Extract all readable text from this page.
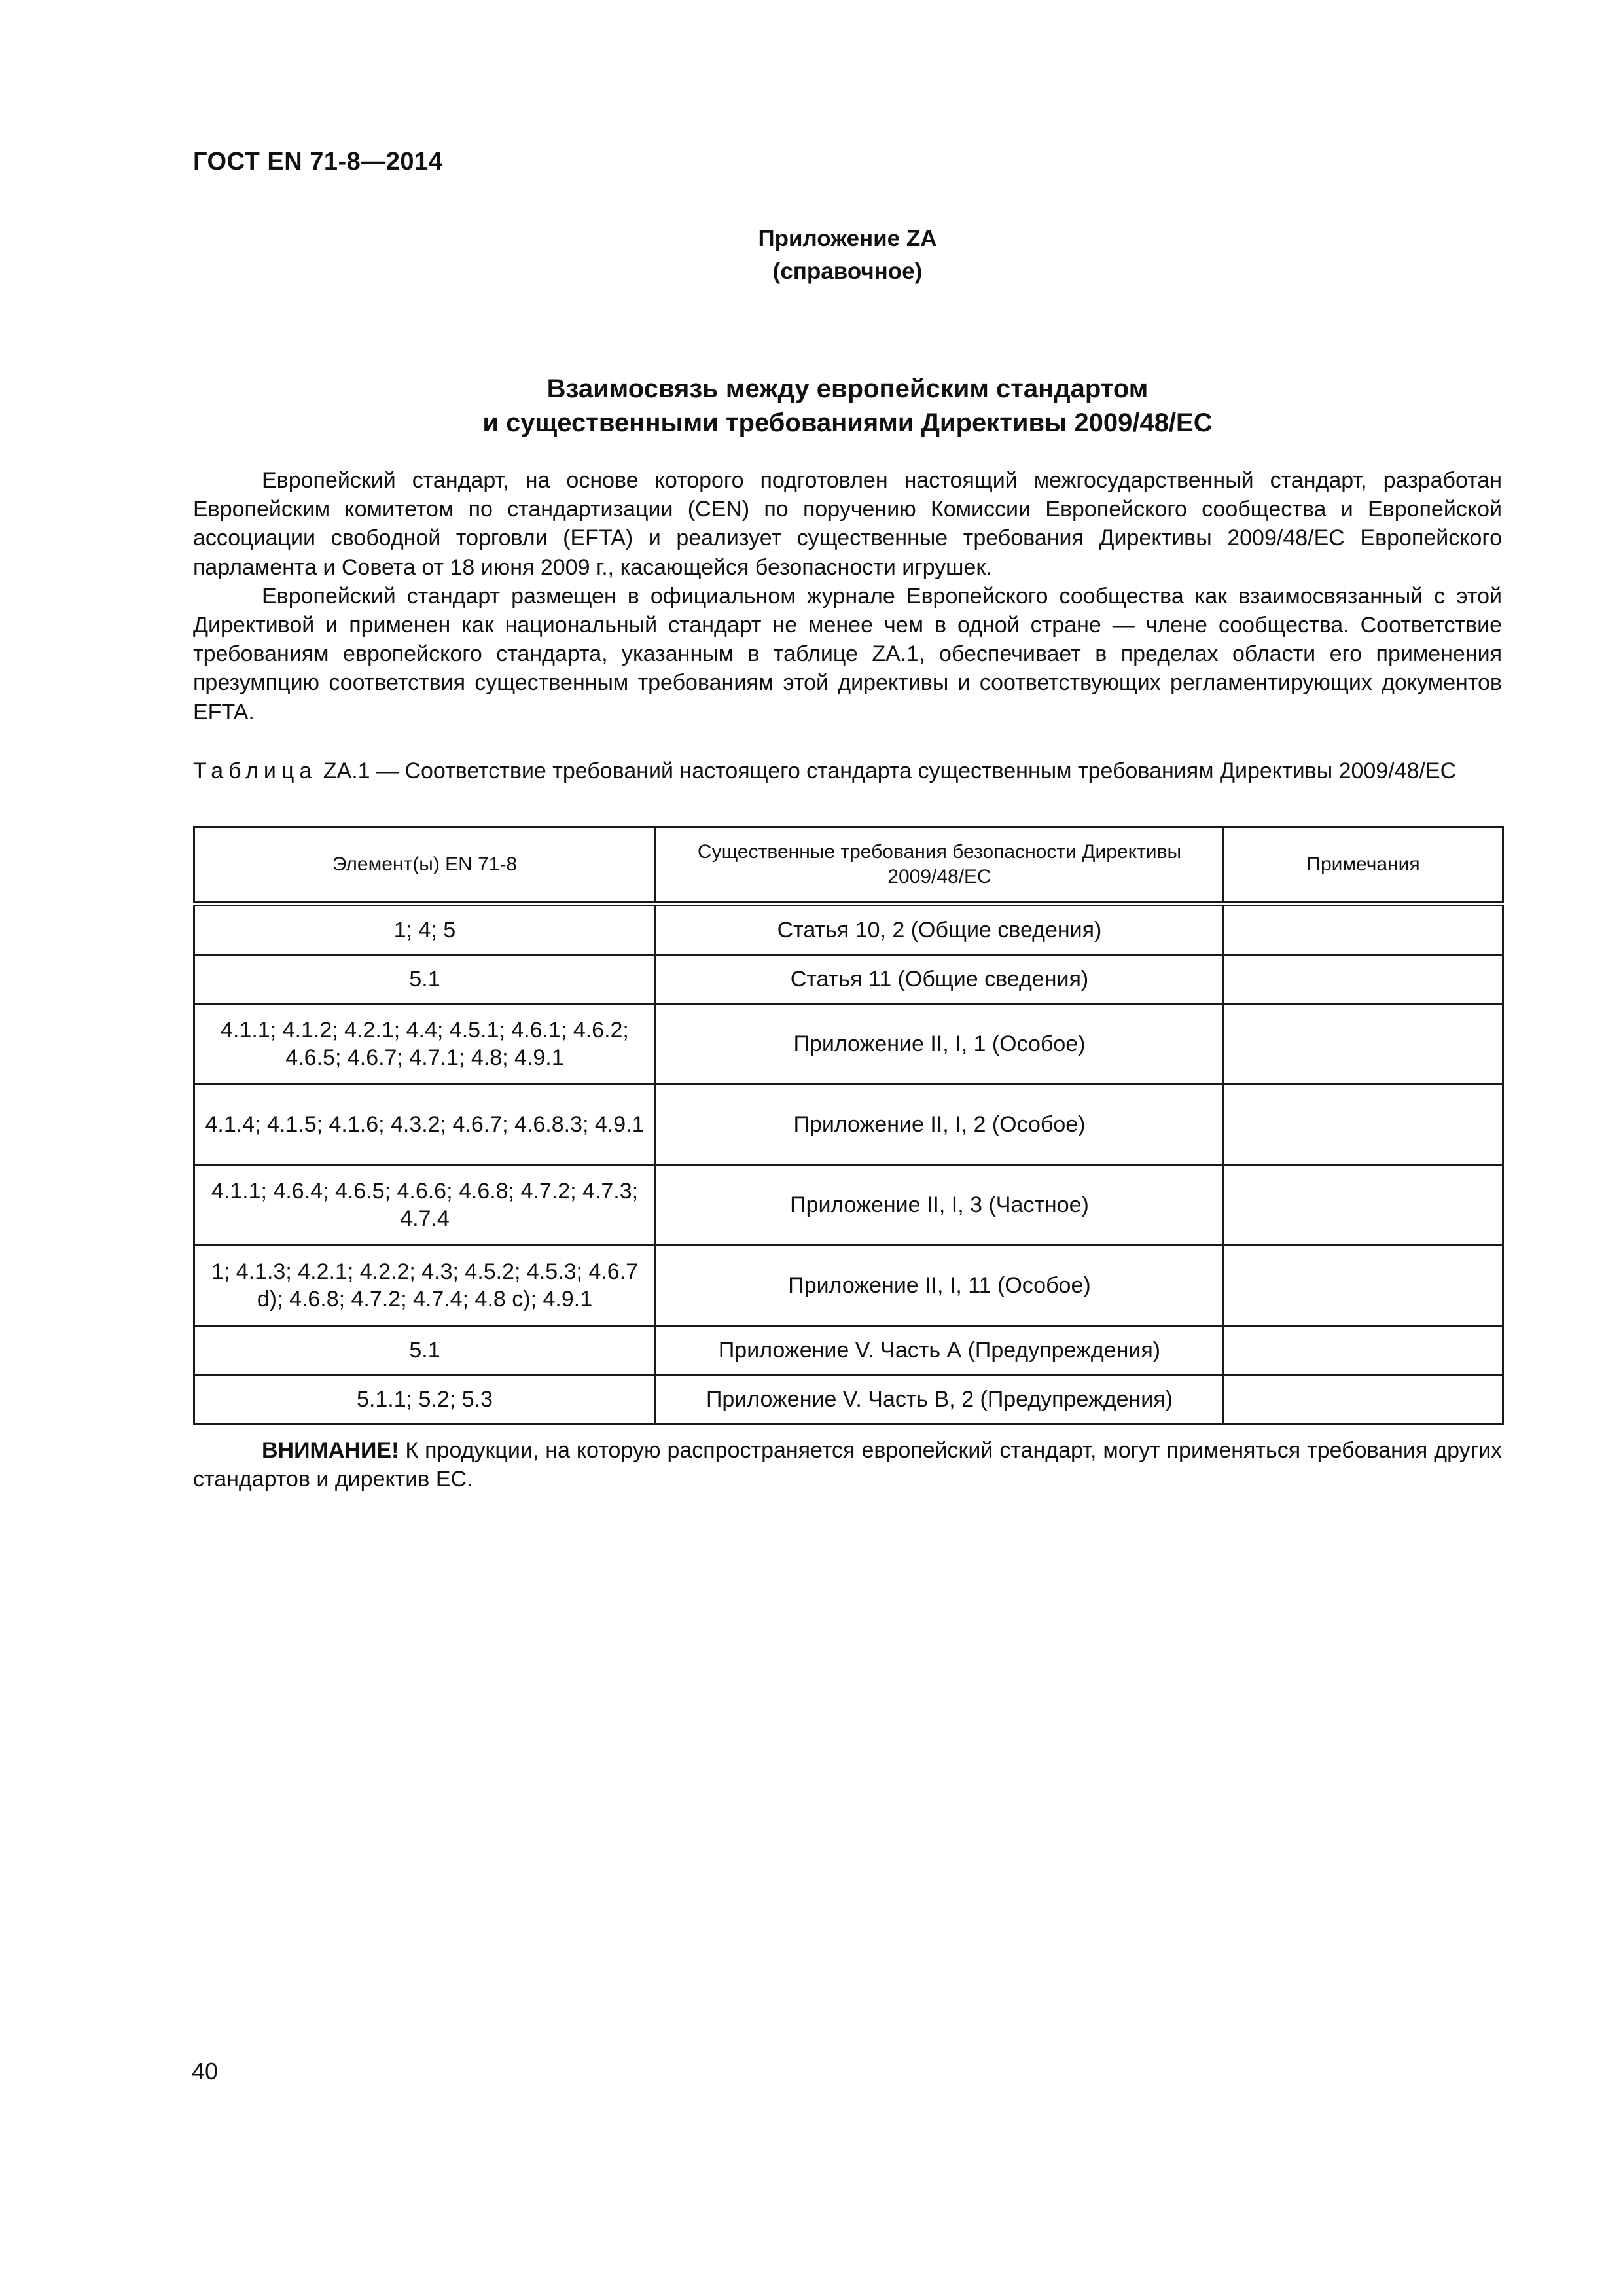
ГОСТ EN 71-8—2014
Приложение ZA
(справочное)
Взаимосвязь между европейским стандартом
и существенными требованиями Директивы 2009/48/ЕС

Европейский стандарт, на основе которого подготовлен настоящий межгосударственный стандарт, разработан Европейским комитетом по стандартизации (CEN) по поручению Комиссии Европейского сообщества и Европейской ассоциации свободной торговли (EFTA) и реализует существенные требования Директивы 2009/48/ЕС Европейского парламента и Совета от 18 июня 2009 г., касающейся безопасности игрушек.

Европейский стандарт размещен в официальном журнале Европейского сообщества как взаимосвязанный с этой Директивой и применен как национальный стандарт не менее чем в одной стране — члене сообщества. Соответствие требованиям европейского стандарта, указанным в таблице ZA.1, обеспечивает в пределах области его применения презумпцию соответствия существенным требованиям этой директивы и соответствующих регламентирующих документов EFTA.

Таблица ZA.1 — Соответствие требований настоящего стандарта существенным требованиям Директивы 2009/48/ЕС
Элемент(ы) EN 71-8	Существенные требования безопасности Директивы 2009/48/ЕС	Примечания
1; 4; 5	Статья 10, 2 (Общие сведения)	
5.1	Статья 11 (Общие сведения)	
4.1.1; 4.1.2; 4.2.1; 4.4; 4.5.1; 4.6.1; 4.6.2; 4.6.5; 4.6.7; 4.7.1; 4.8; 4.9.1	Приложение II, I, 1 (Особое)	
4.1.4; 4.1.5; 4.1.6; 4.3.2; 4.6.7; 4.6.8.3; 4.9.1	Приложение II, I, 2 (Особое)	
4.1.1; 4.6.4; 4.6.5; 4.6.6; 4.6.8; 4.7.2; 4.7.3; 4.7.4	Приложение II, I, 3 (Частное)	
1; 4.1.3; 4.2.1; 4.2.2; 4.3; 4.5.2; 4.5.3; 4.6.7 d); 4.6.8; 4.7.2; 4.7.4; 4.8 c); 4.9.1	Приложение II, I, 11 (Особое)	
5.1	Приложение V. Часть А (Предупреждения)	
5.1.1; 5.2; 5.3	Приложение V. Часть В, 2 (Предупреждения)	
ВНИМАНИЕ! К продукции, на которую распространяется европейский стандарт, могут применяться требования других стандартов и директив ЕС.
40
